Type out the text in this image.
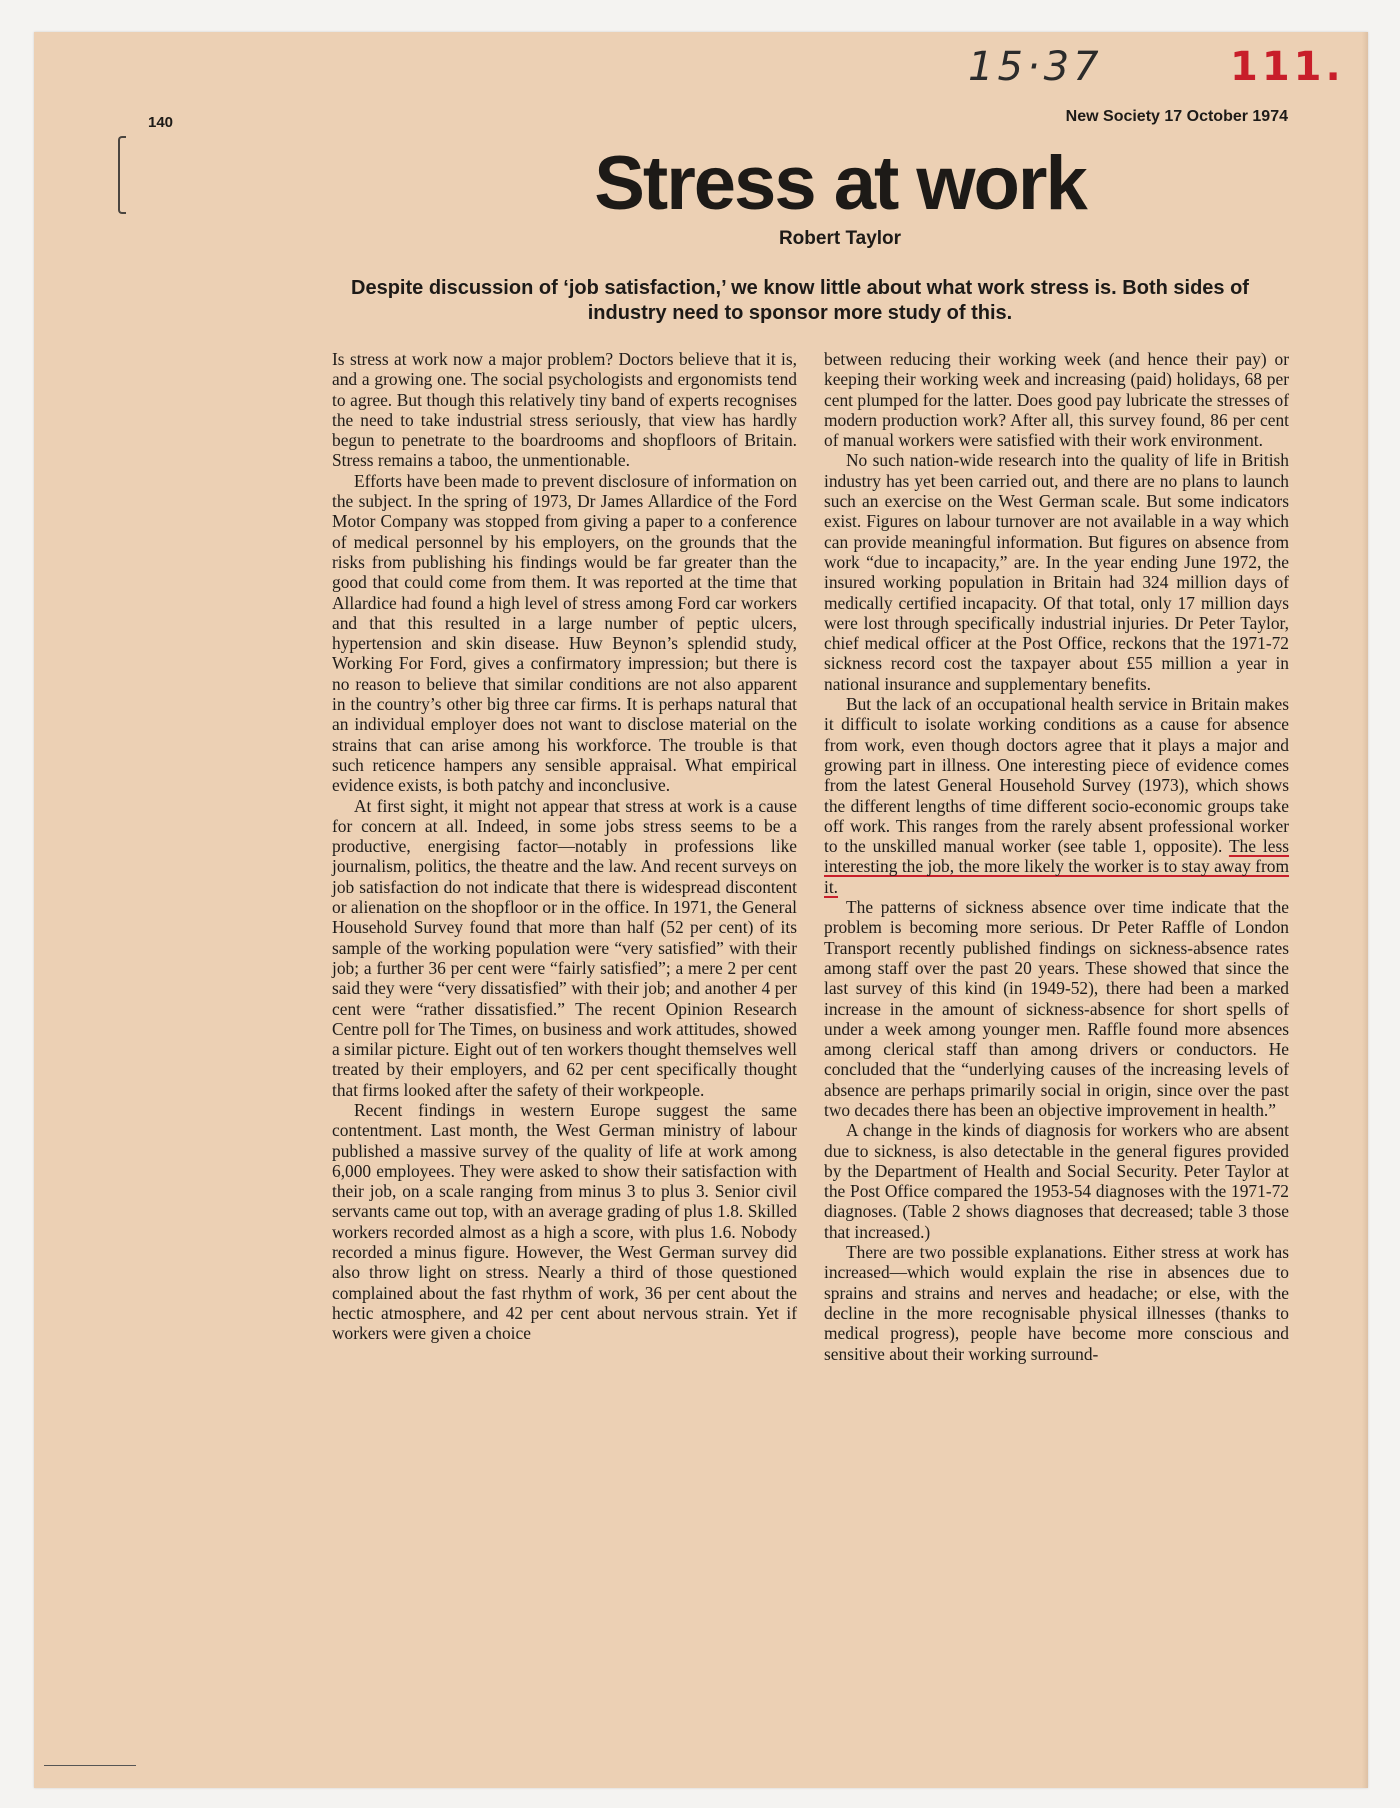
15·37	111.
140	New Society 17 October 1974
Stress at work
Robert Taylor
Despite discussion of ‘job satisfaction,’ we know little about what work stress is. Both sides of industry need to sponsor more study of this.

Is stress at work now a major problem? Doctors believe that it is, and a growing one. The social psychologists and ergonomists tend to agree. But though this relatively tiny band of experts recognises the need to take industrial stress seriously, that view has hardly begun to penetrate to the boardrooms and shopfloors of Britain. Stress remains a taboo, the unmentionable.

Efforts have been made to prevent disclosure of information on the subject. In the spring of 1973, Dr James Allardice of the Ford Motor Company was stopped from giving a paper to a conference of medical personnel by his employers, on the grounds that the risks from publishing his findings would be far greater than the good that could come from them. It was reported at the time that Allardice had found a high level of stress among Ford car workers and that this resulted in a large number of peptic ulcers, hypertension and skin disease. Huw Beynon’s splendid study, Working For Ford, gives a confirmatory impression; but there is no reason to believe that similar conditions are not also apparent in the country’s other big three car firms. It is perhaps natural that an individual employer does not want to disclose material on the strains that can arise among his workforce. The trouble is that such reticence hampers any sensible appraisal. What empirical evidence exists, is both patchy and inconclusive.

At first sight, it might not appear that stress at work is a cause for concern at all. Indeed, in some jobs stress seems to be a productive, energising factor—notably in professions like journalism, politics, the theatre and the law. And recent surveys on job satisfaction do not indicate that there is widespread discontent or alienation on the shopfloor or in the office. In 1971, the General Household Survey found that more than half (52 per cent) of its sample of the working population were “very satisfied” with their job; a further 36 per cent were “fairly satisfied”; a mere 2 per cent said they were “very dissatisfied” with their job; and another 4 per cent were “rather dissatisfied.” The recent Opinion Research Centre poll for The Times, on business and work attitudes, showed a similar picture. Eight out of ten workers thought themselves well treated by their employers, and 62 per cent specifically thought that firms looked after the safety of their workpeople.

Recent findings in western Europe suggest the same contentment. Last month, the West German ministry of labour published a massive survey of the quality of life at work among 6,000 employees. They were asked to show their satisfaction with their job, on a scale ranging from minus 3 to plus 3. Senior civil servants came out top, with an average grading of plus 1.8. Skilled workers recorded almost as a high a score, with plus 1.6. Nobody recorded a minus figure. However, the West German survey did also throw light on stress. Nearly a third of those questioned complained about the fast rhythm of work, 36 per cent about the hectic atmosphere, and 42 per cent about nervous strain. Yet if workers were given a choice

between reducing their working week (and hence their pay) or keeping their working week and increasing (paid) holidays, 68 per cent plumped for the latter. Does good pay lubricate the stresses of modern production work? After all, this survey found, 86 per cent of manual workers were satisfied with their work environment.

No such nation-wide research into the quality of life in British industry has yet been carried out, and there are no plans to launch such an exercise on the West German scale. But some indicators exist. Figures on labour turnover are not available in a way which can provide meaningful information. But figures on absence from work “due to incapacity,” are. In the year ending June 1972, the insured working population in Britain had 324 million days of medically certified incapacity. Of that total, only 17 million days were lost through specifically industrial injuries. Dr Peter Taylor, chief medical officer at the Post Office, reckons that the 1971-72 sickness record cost the taxpayer about £55 million a year in national insurance and supplementary benefits.

But the lack of an occupational health service in Britain makes it difficult to isolate working conditions as a cause for absence from work, even though doctors agree that it plays a major and growing part in illness. One interesting piece of evidence comes from the latest General Household Survey (1973), which shows the different lengths of time different socio-economic groups take off work. This ranges from the rarely absent professional worker to the unskilled manual worker (see table 1, opposite). The less interesting the job, the more likely the worker is to stay away from it.

The patterns of sickness absence over time indicate that the problem is becoming more serious. Dr Peter Raffle of London Transport recently published findings on sickness-absence rates among staff over the past 20 years. These showed that since the last survey of this kind (in 1949-52), there had been a marked increase in the amount of sickness-absence for short spells of under a week among younger men. Raffle found more absences among clerical staff than among drivers or conductors. He concluded that the “underlying causes of the increasing levels of absence are perhaps primarily social in origin, since over the past two decades there has been an objective improvement in health.”

A change in the kinds of diagnosis for workers who are absent due to sickness, is also detectable in the general figures provided by the Department of Health and Social Security. Peter Taylor at the Post Office compared the 1953-54 diagnoses with the 1971-72 diagnoses. (Table 2 shows diagnoses that decreased; table 3 those that increased.)

There are two possible explanations. Either stress at work has increased—which would explain the rise in absences due to sprains and strains and nerves and headache; or else, with the decline in the more recognisable physical illnesses (thanks to medical progress), people have become more conscious and sensitive about their working surround-
